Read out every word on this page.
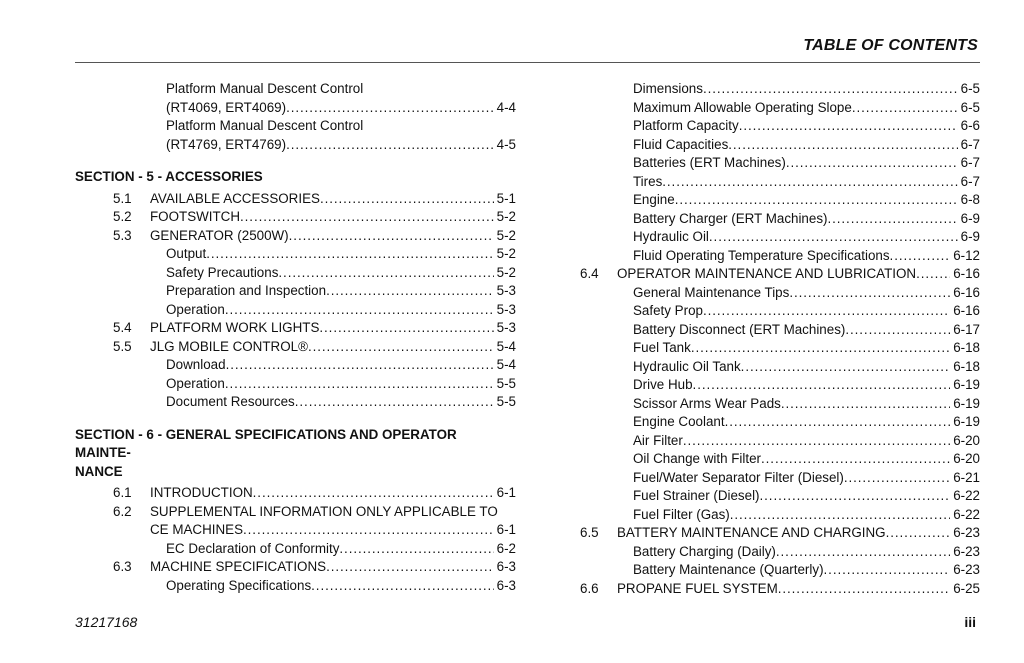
TABLE OF CONTENTS
Platform Manual Descent Control
(RT4069, ERT4069) . . .	4-4
Platform Manual Descent Control
(RT4769, ERT4769) . . .	4-5
SECTION - 5 - ACCESSORIES
5.1	AVAILABLE ACCESSORIES . . .	5-1
5.2	FOOTSWITCH . . .	5-2
5.3	GENERATOR (2500W) . . .	5-2
Output . . .	5-2
Safety Precautions . . .	5-2
Preparation and Inspection . . .	5-3
Operation . . .	5-3
5.4	PLATFORM WORK LIGHTS . . .	5-3
5.5	JLG MOBILE CONTROL® . . .	5-4
Download . . .	5-4
Operation . . .	5-5
Document Resources . . .	5-5
SECTION - 6 - GENERAL SPECIFICATIONS AND OPERATOR MAINTE-
NANCE
6.1	INTRODUCTION . . .	6-1
6.2	SUPPLEMENTAL INFORMATION ONLY APPLICABLE TO
CE MACHINES . . .	6-1
EC Declaration of Conformity . . .	6-2
6.3	MACHINE SPECIFICATIONS . . .	6-3
Operating Specifications . . .	6-3
Dimensions . . .	6-5
Maximum Allowable Operating Slope . . .	6-5
Platform Capacity . . .	6-6
Fluid Capacities . . .	6-7
Batteries (ERT Machines) . . .	6-7
Tires . . .	6-7
Engine . . .	6-8
Battery Charger (ERT Machines) . . .	6-9
Hydraulic Oil . . .	6-9
Fluid Operating Temperature Specifications . . .	6-12
6.4	OPERATOR MAINTENANCE AND LUBRICATION . . .	6-16
General Maintenance Tips . . .	6-16
Safety Prop . . .	6-16
Battery Disconnect (ERT Machines) . . .	6-17
Fuel Tank . . .	6-18
Hydraulic Oil Tank . . .	6-18
Drive Hub . . .	6-19
Scissor Arms Wear Pads . . .	6-19
Engine Coolant . . .	6-19
Air Filter . . .	6-20
Oil Change with Filter . . .	6-20
Fuel/Water Separator Filter (Diesel) . . .	6-21
Fuel Strainer (Diesel) . . .	6-22
Fuel Filter (Gas) . . .	6-22
6.5	BATTERY MAINTENANCE AND CHARGING . . .	6-23
Battery Charging (Daily) . . .	6-23
Battery Maintenance (Quarterly) . . .	6-23
6.6	PROPANE FUEL SYSTEM . . .	6-25
31217168	iii
